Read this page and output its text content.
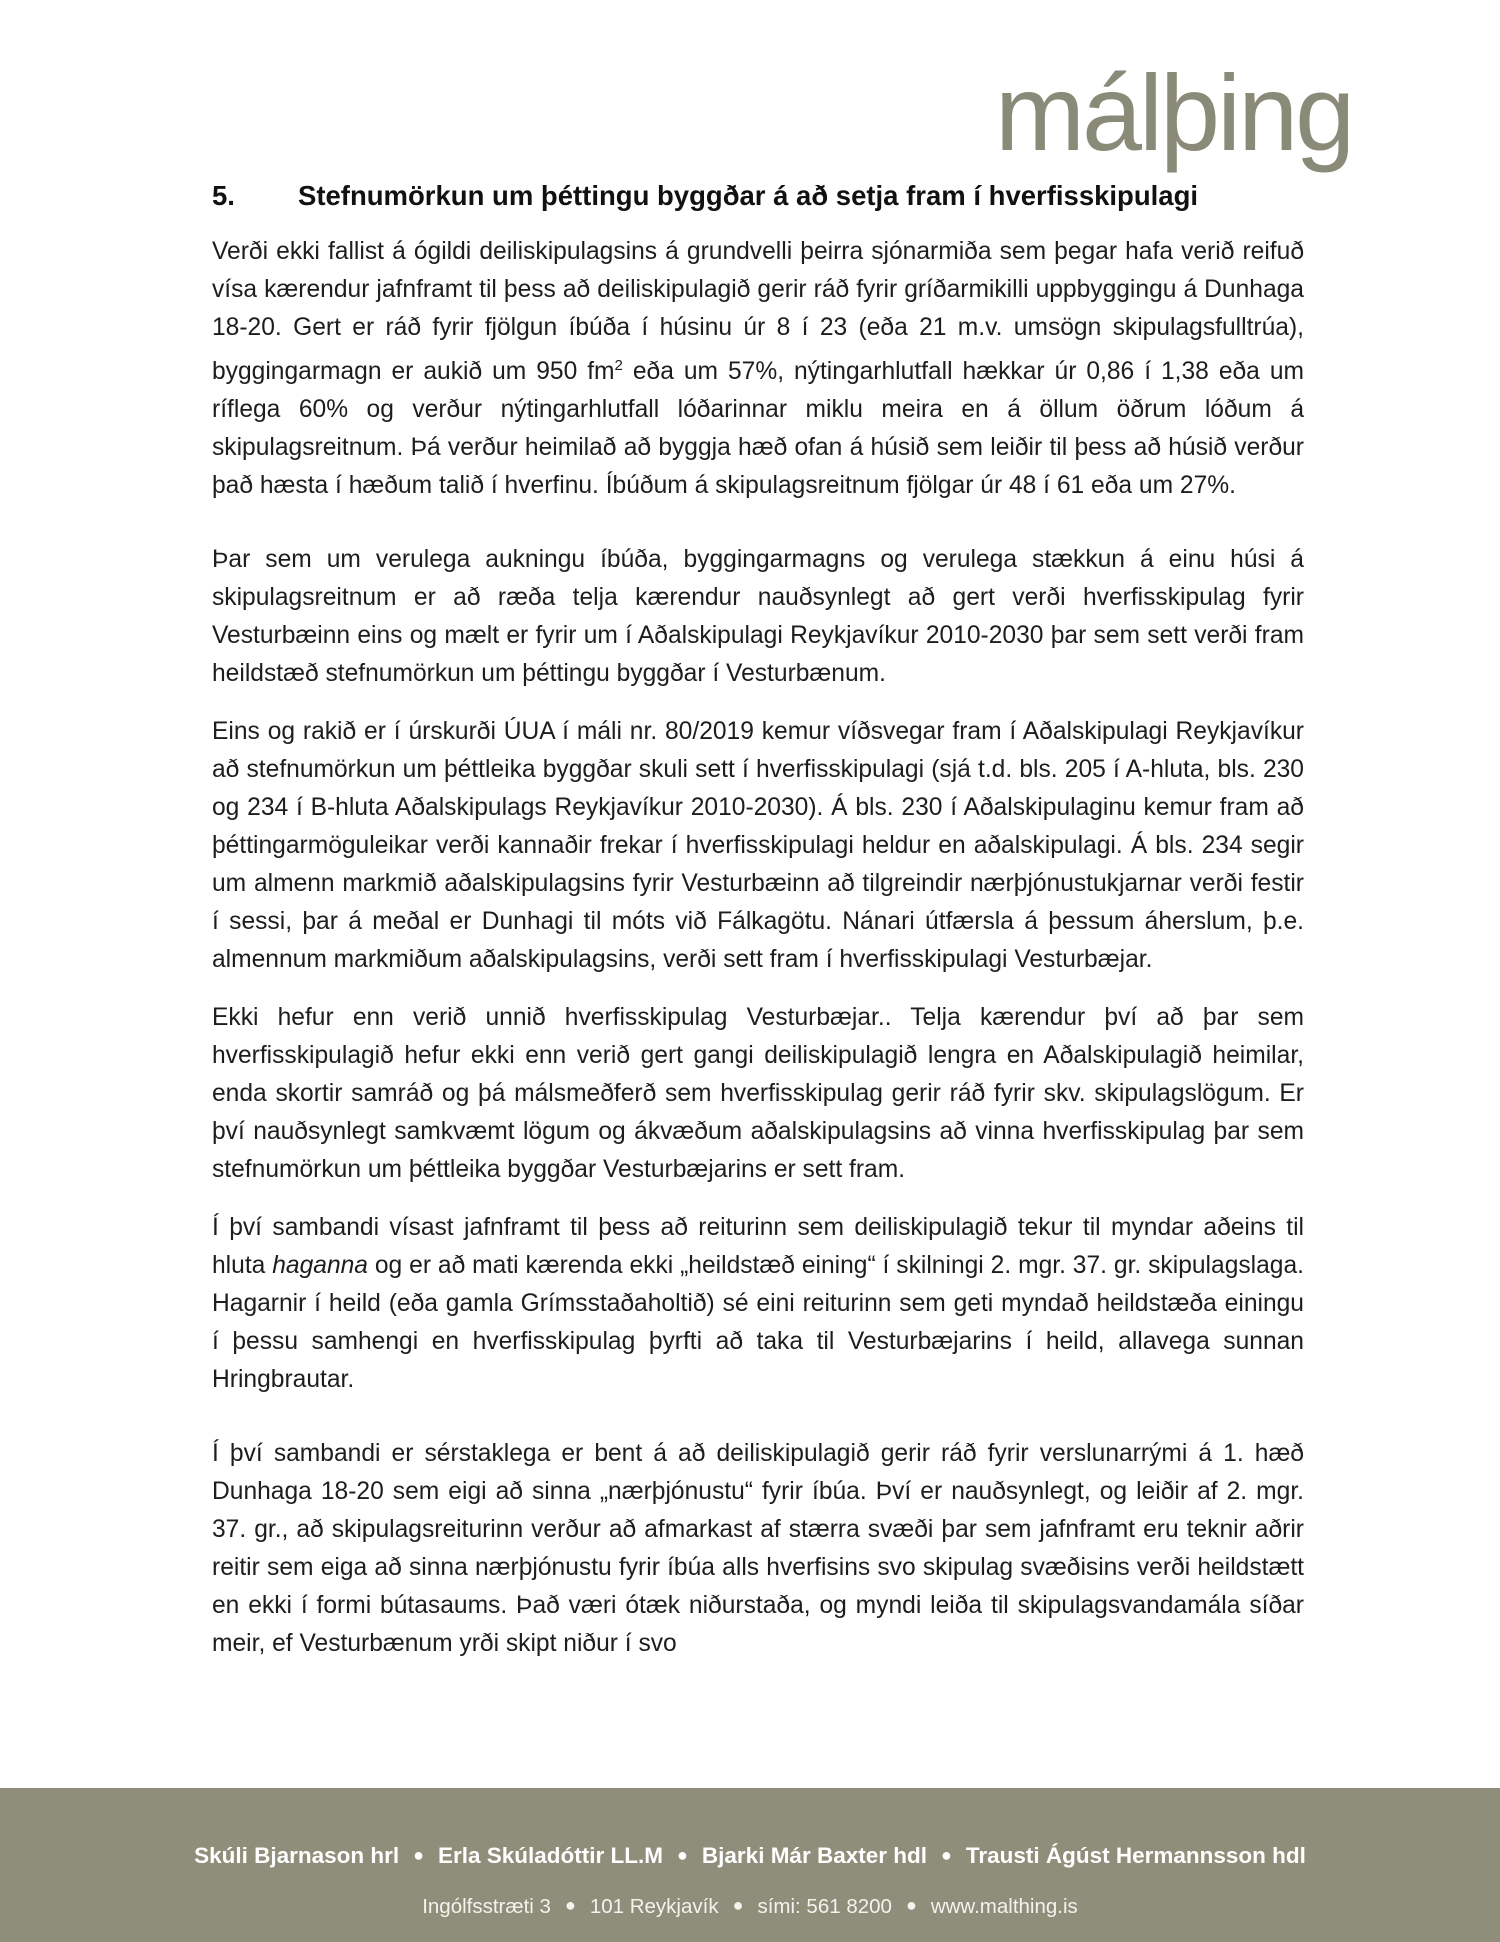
málþing
5. Stefnumörkun um þéttingu byggðar á að setja fram í hverfisskipulagi

Verði ekki fallist á ógildi deiliskipulagsins á grundvelli þeirra sjónarmiða sem þegar hafa verið reifuð vísa kærendur jafnframt til þess að deiliskipulagið gerir ráð fyrir gríðarmikilli uppbyggingu á Dunhaga 18-20. Gert er ráð fyrir fjölgun íbúða í húsinu úr 8 í 23 (eða 21 m.v. umsögn skipulagsfulltrúa), byggingarmagn er aukið um 950 $fm^2$ eða um 57%, nýtingarhlutfall hækkar úr 0,86 í 1,38 eða um ríflega 60% og verður nýtingarhlutfall lóðarinnar miklu meira en á öllum öðrum lóðum á skipulagsreitnum. Þá verður heimilað að byggja hæð ofan á húsið sem leiðir til þess að húsið verður það hæsta í hæðum talið í hverfinu. Íbúðum á skipulagsreitnum fjölgar úr 48 í 61 eða um 27%.

Þar sem um verulega aukningu íbúða, byggingarmagns og verulega stækkun á einu húsi á skipulagsreitnum er að ræða telja kærendur nauðsynlegt að gert verði hverfisskipulag fyrir Vesturbæinn eins og mælt er fyrir um í Aðalskipulagi Reykjavíkur 2010-2030 þar sem sett verði fram heildstæð stefnumörkun um þéttingu byggðar í Vesturbænum.

Eins og rakið er í úrskurði ÚUA í máli nr. 80/2019 kemur víðsvegar fram í Aðalskipulagi Reykjavíkur að stefnumörkun um þéttleika byggðar skuli sett í hverfisskipulagi (sjá t.d. bls. 205 í A-hluta, bls. 230 og 234 í B-hluta Aðalskipulags Reykjavíkur 2010-2030). Á bls. 230 í Aðalskipulaginu kemur fram að þéttingarmöguleikar verði kannaðir frekar í hverfisskipulagi heldur en aðalskipulagi. Á bls. 234 segir um almenn markmið aðalskipulagsins fyrir Vesturbæinn að tilgreindir nærþjónustukjarnar verði festir í sessi, þar á meðal er Dunhagi til móts við Fálkagötu. Nánari útfærsla á þessum áherslum, þ.e. almennum markmiðum aðalskipulagsins, verði sett fram í hverfisskipulagi Vesturbæjar.

Ekki hefur enn verið unnið hverfisskipulag Vesturbæjar.. Telja kærendur því að þar sem hverfisskipulagið hefur ekki enn verið gert gangi deiliskipulagið lengra en Aðalskipulagið heimilar, enda skortir samráð og þá málsmeðferð sem hverfisskipulag gerir ráð fyrir skv. skipulagslögum. Er því nauðsynlegt samkvæmt lögum og ákvæðum aðalskipulagsins að vinna hverfisskipulag þar sem stefnumörkun um þéttleika byggðar Vesturbæjarins er sett fram.

Í því sambandi vísast jafnframt til þess að reiturinn sem deiliskipulagið tekur til myndar aðeins til hluta haganna og er að mati kærenda ekki „heildstæð eining“ í skilningi 2. mgr. 37. gr. skipulagslaga. Hagarnir í heild (eða gamla Grímsstaðaholtið) sé eini reiturinn sem geti myndað heildstæða einingu í þessu samhengi en hverfisskipulag þyrfti að taka til Vesturbæjarins í heild, allavega sunnan Hringbrautar.

Í því sambandi er sérstaklega er bent á að deiliskipulagið gerir ráð fyrir verslunarrými á 1. hæð Dunhaga 18-20 sem eigi að sinna „nærþjónustu“ fyrir íbúa. Því er nauðsynlegt, og leiðir af 2. mgr. 37. gr., að skipulagsreiturinn verður að afmarkast af stærra svæði þar sem jafnframt eru teknir aðrir reitir sem eiga að sinna nærþjónustu fyrir íbúa alls hverfisins svo skipulag svæðisins verði heildstætt en ekki í formi bútasaums. Það væri ótæk niðurstaða, og myndi leiða til skipulagsvandamála síðar meir, ef Vesturbænum yrði skipt niður í svo

Skúli Bjarnason hrl ● Erla Skúladóttir LL.M ● Bjarki Már Baxter hdl ● Trausti Ágúst Hermannsson hdl
Ingólfsstræti 3 ● 101 Reykjavík ● sími: 561 8200 ● www.malthing.is
